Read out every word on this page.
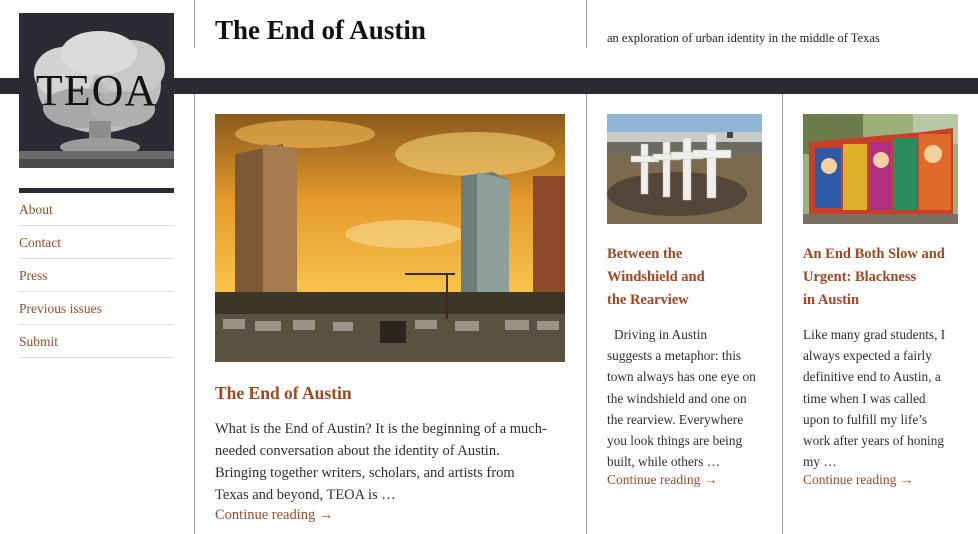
TEOA
About
Contact
Press
Previous issues
Submit
The End of Austin	an exploration of urban identity in the middle of Texas
The End of Austin
What is the End of Austin? It is the beginning of a much-
needed conversation about the identity of Austin.
Bringing together writers, scholars, and artists from
Texas and beyond, TEOA is …
Continue reading →
Between the
Windshield and
the Rearview
Driving in Austin
suggests a metaphor: this
town always has one eye on
the windshield and one on
the rearview. Everywhere
you look things are being
built, while others …
Continue reading →
An End Both Slow and
Urgent: Blackness
in Austin
Like many grad students, I
always expected a fairly
definitive end to Austin, a
time when I was called
upon to fulfill my life’s
work after years of honing
my …
Continue reading →
